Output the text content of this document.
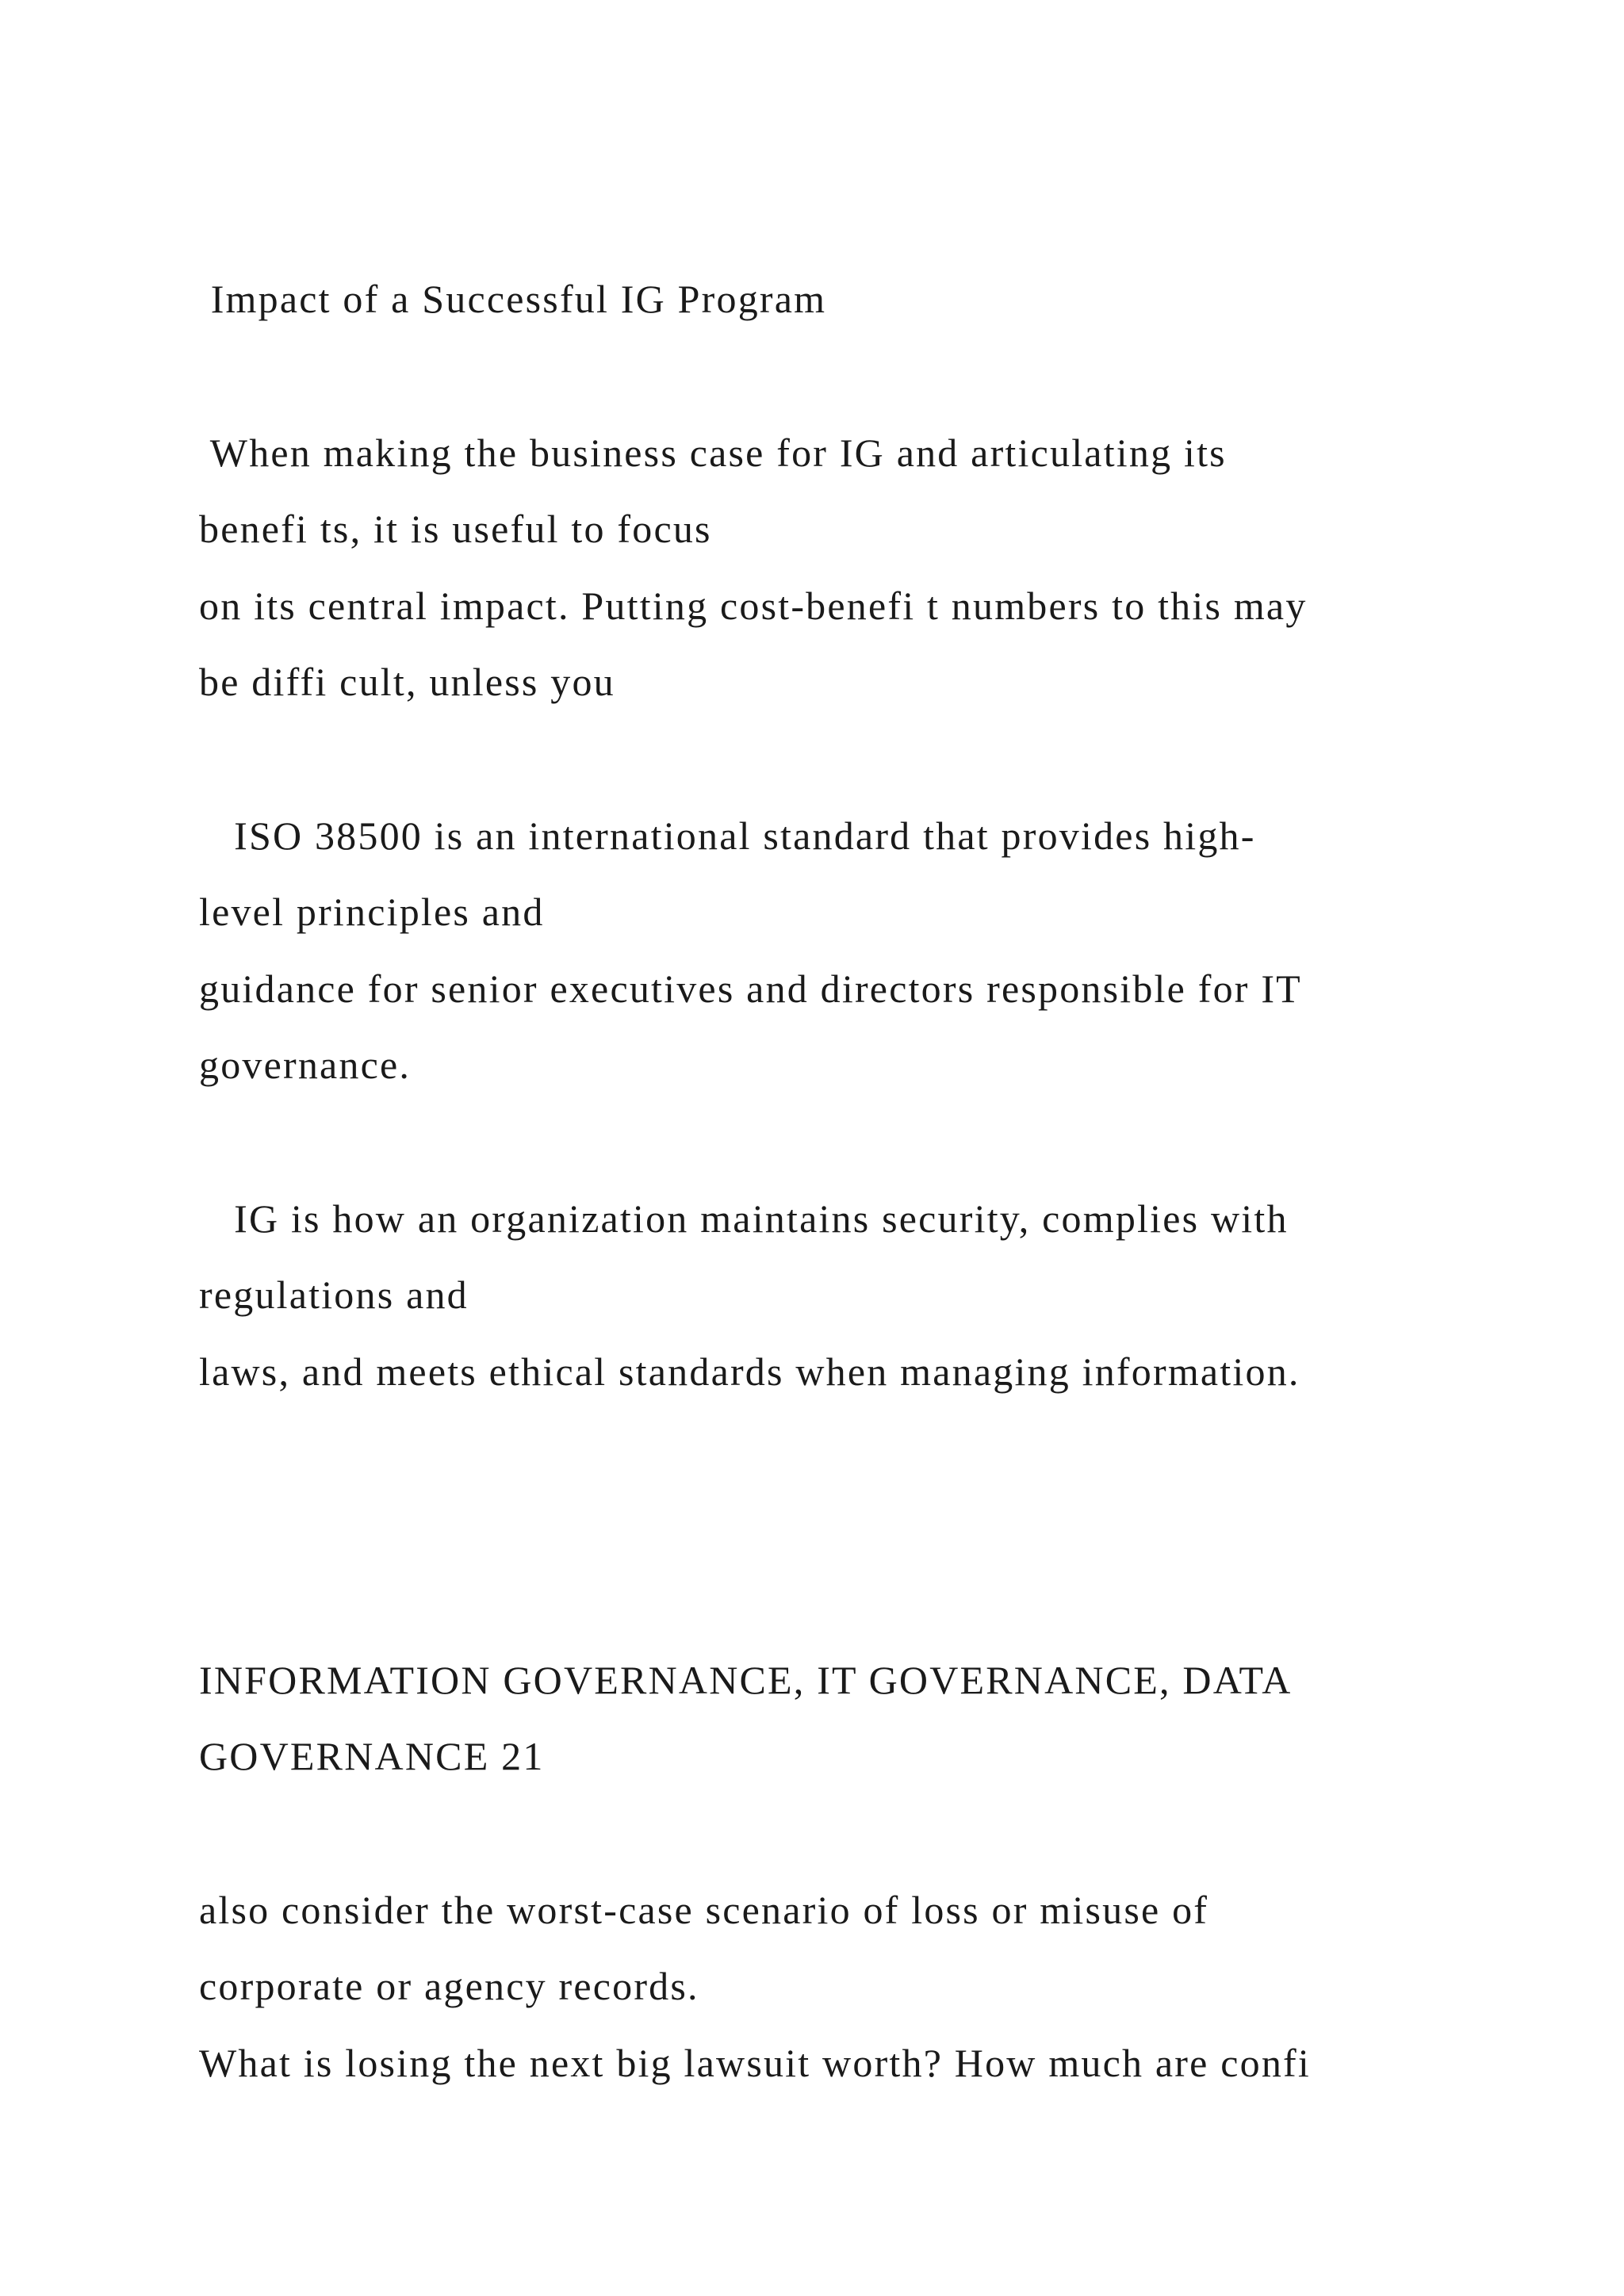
Impact of a Successful IG Program
When making the business case for IG and articulating its
benefi ts, it is useful to focus
on its central impact. Putting cost-benefi t numbers to this may
be diffi cult, unless you
ISO 38500 is an international standard that provides high-
level principles and
guidance for senior executives and directors responsible for IT
governance.
IG is how an organization maintains security, complies with
regulations and
laws, and meets ethical standards when managing information.
INFORMATION GOVERNANCE, IT GOVERNANCE, DATA
GOVERNANCE 21
also consider the worst-case scenario of loss or misuse of
corporate or agency records.
What is losing the next big lawsuit worth? How much are confi
